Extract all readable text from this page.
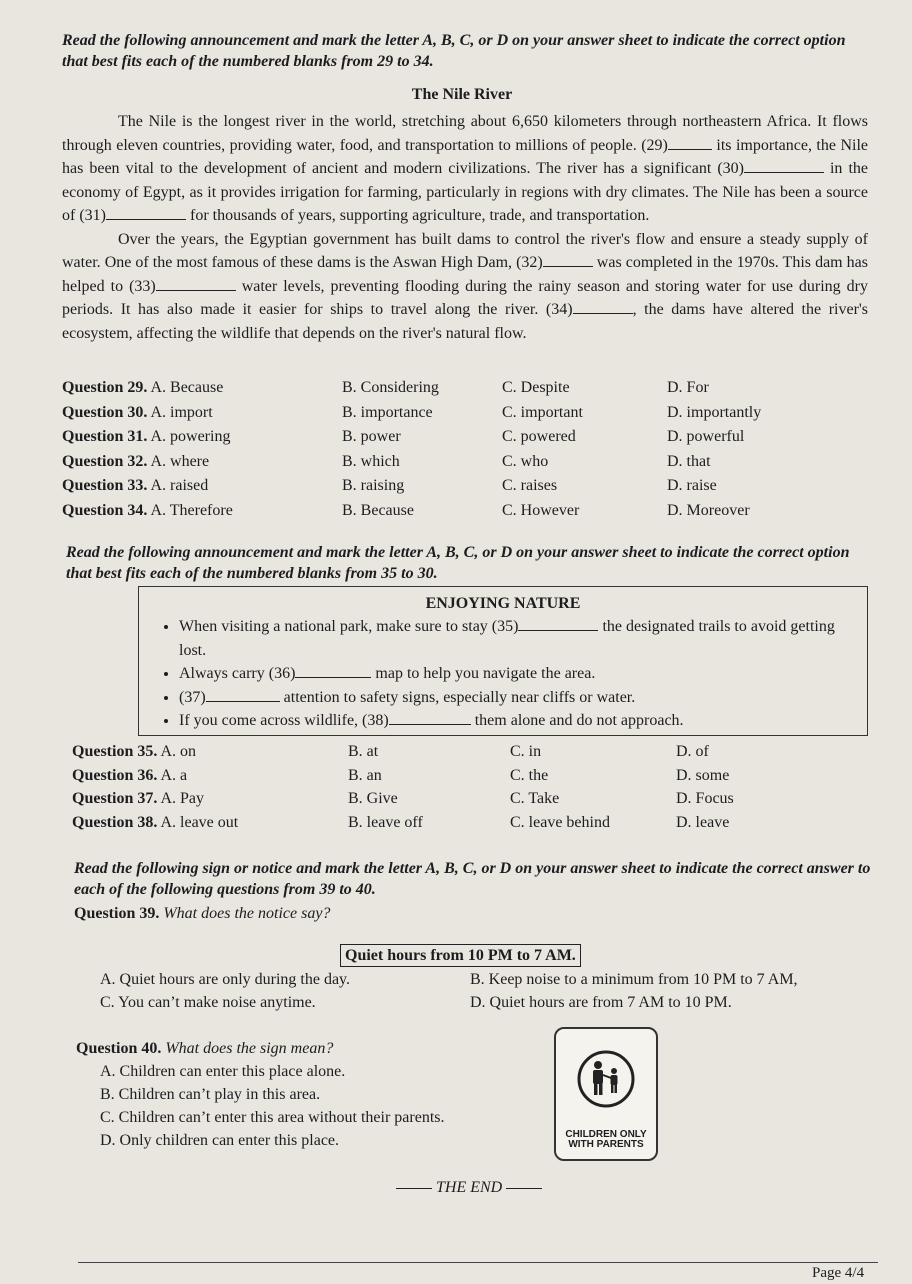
Read the following announcement and mark the letter A, B, C, or D on your answer sheet to indicate the correct option that best fits each of the numbered blanks from 29 to 34.

The Nile River

The Nile is the longest river in the world, stretching about 6,650 kilometers through northeastern Africa. It flows through eleven countries, providing water, food, and transportation to millions of people. (29)	its importance, the Nile has been vital to the development of ancient and modern civilizations. The river has a significant (30)	in the economy of Egypt, as it provides irrigation for farming, particularly in regions with dry climates. The Nile has been a source of (31)	for thousands of years, supporting agriculture, trade, and transportation.

Over the years, the Egyptian government has built dams to control the river's flow and ensure a steady supply of water. One of the most famous of these dams is the Aswan High Dam, (32)	was completed in the 1970s. This dam has helped to (33)	water levels, preventing flooding during the rainy season and storing water for use during dry periods. It has also made it easier for ships to travel along the river. (34)	, the dams have altered the river's ecosystem, affecting the wildlife that depends on the river's natural flow.

Question 29. A. Because	B. Considering	C. Despite	D. For
Question 30. A. import	B. importance	C. important	D. importantly
Question 31. A. powering	B. power	C. powered	D. powerful
Question 32. A. where	B. which	C. who	D. that
Question 33. A. raised	B. raising	C. raises	D. raise
Question 34. A. Therefore	B. Because	C. However	D. Moreover

Read the following announcement and mark the letter A, B, C, or D on your answer sheet to indicate the correct option that best fits each of the numbered blanks from 35 to 30.

ENJOYING NATURE
• When visiting a national park, make sure to stay (35)	the designated trails to avoid getting lost.
• Always carry (36)	map to help you navigate the area.
• (37)	attention to safety signs, especially near cliffs or water.
• If you come across wildlife, (38)	them alone and do not approach.
Question 35. A. on	B. at	C. in	D. of
Question 36. A. a	B. an	C. the	D. some
Question 37. A. Pay	B. Give	C. Take	D. Focus
Question 38. A. leave out	B. leave off	C. leave behind	D. leave

Read the following sign or notice and mark the letter A, B, C, or D on your answer sheet to indicate the correct answer to each of the following questions from 39 to 40.

Question 39. What does the notice say?
Quiet hours from 10 PM to 7 AM.
A. Quiet hours are only during the day.	B. Keep noise to a minimum from 10 PM to 7 AM,
C. You can’t make noise anytime.	D. Quiet hours are from 7 AM to 10 PM.
Question 40. What does the sign mean?
A. Children can enter this place alone.
B. Children can’t play in this area.
C. Children can’t enter this area without their parents.
D. Only children can enter this place.	CHILDREN ONLY
WITH PARENTS
THE END
Page 4/4
